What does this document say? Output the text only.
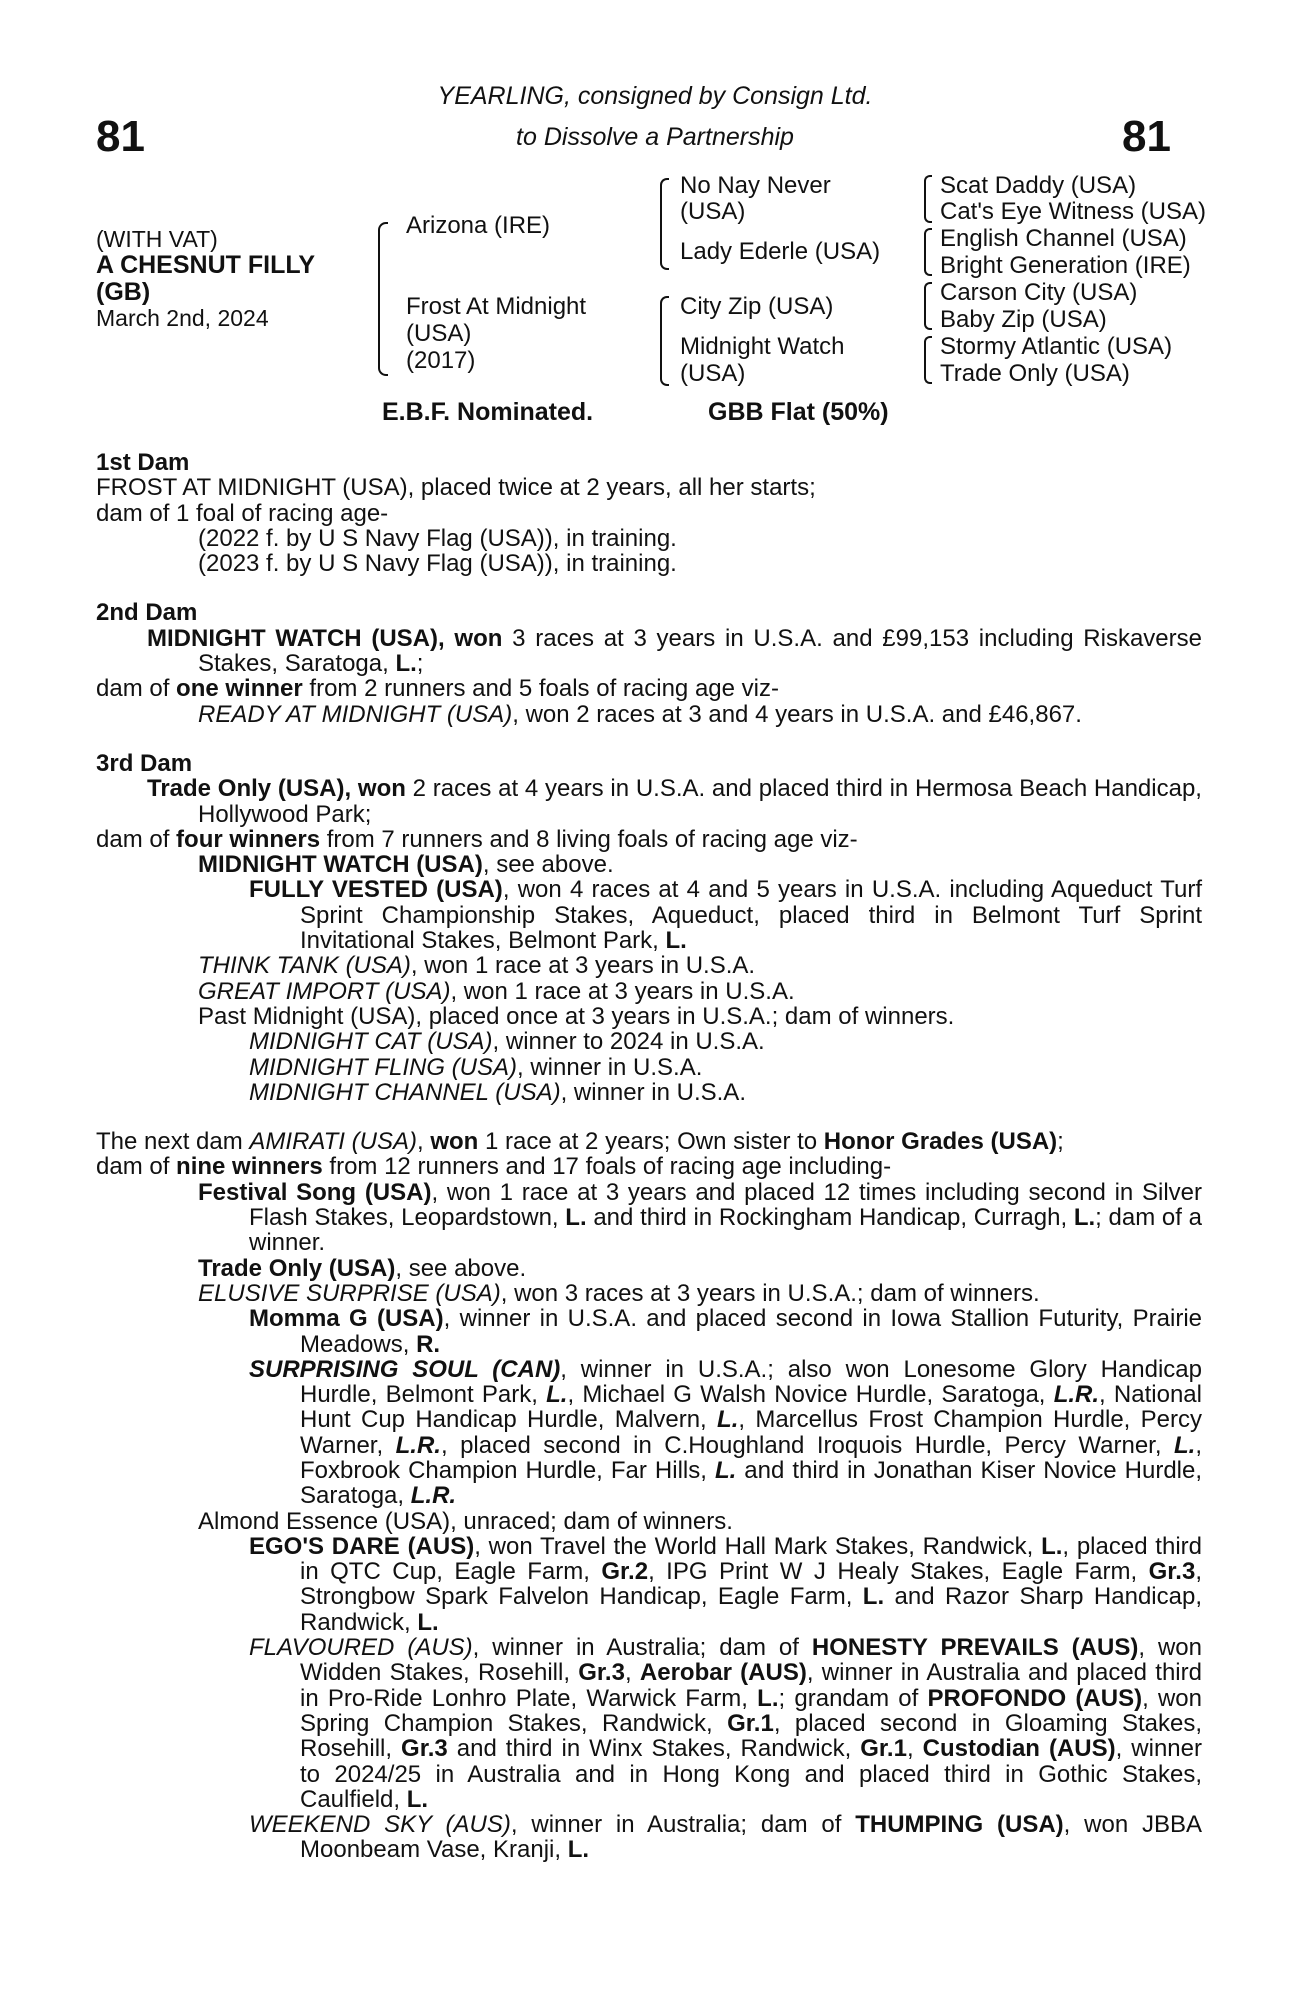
81	81
YEARLING, consigned by Consign Ltd.
to Dissolve a Partnership
(WITH VAT)
A CHESNUT FILLY
(GB)
March 2nd, 2024
Arizona (IRE)
Frost At Midnight
(USA)
(2017)
No Nay Never
(USA)
Lady Ederle (USA)
City Zip (USA)
Midnight Watch
(USA)
Scat Daddy (USA)
Cat's Eye Witness (USA)
English Channel (USA)
Bright Generation (IRE)
Carson City (USA)
Baby Zip (USA)
Stormy Atlantic (USA)
Trade Only (USA)
E.B.F. Nominated.	GBB Flat (50%)

1st Dam

FROST AT MIDNIGHT (USA), placed twice at 2 years, all her starts;

dam of 1 foal of racing age-

(2022 f. by U S Navy Flag (USA)), in training.

(2023 f. by U S Navy Flag (USA)), in training.

2nd Dam

MIDNIGHT WATCH (USA), won 3 races at 3 years in U.S.A. and £99,153 including Riskaverse Stakes, Saratoga, L.;

dam of one winner from 2 runners and 5 foals of racing age viz-

READY AT MIDNIGHT (USA), won 2 races at 3 and 4 years in U.S.A. and £46,867.

3rd Dam

Trade Only (USA), won 2 races at 4 years in U.S.A. and placed third in Hermosa Beach Handicap, Hollywood Park;

dam of four winners from 7 runners and 8 living foals of racing age viz-

MIDNIGHT WATCH (USA), see above.

FULLY VESTED (USA), won 4 races at 4 and 5 years in U.S.A. including Aqueduct Turf Sprint Championship Stakes, Aqueduct, placed third in Belmont Turf Sprint Invitational Stakes, Belmont Park, L.

THINK TANK (USA), won 1 race at 3 years in U.S.A.

GREAT IMPORT (USA), won 1 race at 3 years in U.S.A.

Past Midnight (USA), placed once at 3 years in U.S.A.; dam of winners.

MIDNIGHT CAT (USA), winner to 2024 in U.S.A.

MIDNIGHT FLING (USA), winner in U.S.A.

MIDNIGHT CHANNEL (USA), winner in U.S.A.

The next dam AMIRATI (USA), won 1 race at 2 years; Own sister to Honor Grades (USA);

dam of nine winners from 12 runners and 17 foals of racing age including-

Festival Song (USA), won 1 race at 3 years and placed 12 times including second in Silver Flash Stakes, Leopardstown, L. and third in Rockingham Handicap, Curragh, L.; dam of a winner.

Trade Only (USA), see above.

ELUSIVE SURPRISE (USA), won 3 races at 3 years in U.S.A.; dam of winners.

Momma G (USA), winner in U.S.A. and placed second in Iowa Stallion Futurity, Prairie Meadows, R.

SURPRISING SOUL (CAN), winner in U.S.A.; also won Lonesome Glory Handicap Hurdle, Belmont Park, L., Michael G Walsh Novice Hurdle, Saratoga, L.R., National Hunt Cup Handicap Hurdle, Malvern, L., Marcellus Frost Champion Hurdle, Percy Warner, L.R., placed second in C.Houghland Iroquois Hurdle, Percy Warner, L., Foxbrook Champion Hurdle, Far Hills, L. and third in Jonathan Kiser Novice Hurdle, Saratoga, L.R.

Almond Essence (USA), unraced; dam of winners.

EGO'S DARE (AUS), won Travel the World Hall Mark Stakes, Randwick, L., placed third in QTC Cup, Eagle Farm, Gr.2, IPG Print W J Healy Stakes, Eagle Farm, Gr.3, Strongbow Spark Falvelon Handicap, Eagle Farm, L. and Razor Sharp Handicap, Randwick, L.

FLAVOURED (AUS), winner in Australia; dam of HONESTY PREVAILS (AUS), won Widden Stakes, Rosehill, Gr.3, Aerobar (AUS), winner in Australia and placed third in Pro-Ride Lonhro Plate, Warwick Farm, L.; grandam of PROFONDO (AUS), won Spring Champion Stakes, Randwick, Gr.1, placed second in Gloaming Stakes, Rosehill, Gr.3 and third in Winx Stakes, Randwick, Gr.1, Custodian (AUS), winner to 2024/25 in Australia and in Hong Kong and placed third in Gothic Stakes, Caulfield, L.

WEEKEND SKY (AUS), winner in Australia; dam of THUMPING (USA), won JBBA Moonbeam Vase, Kranji, L.
